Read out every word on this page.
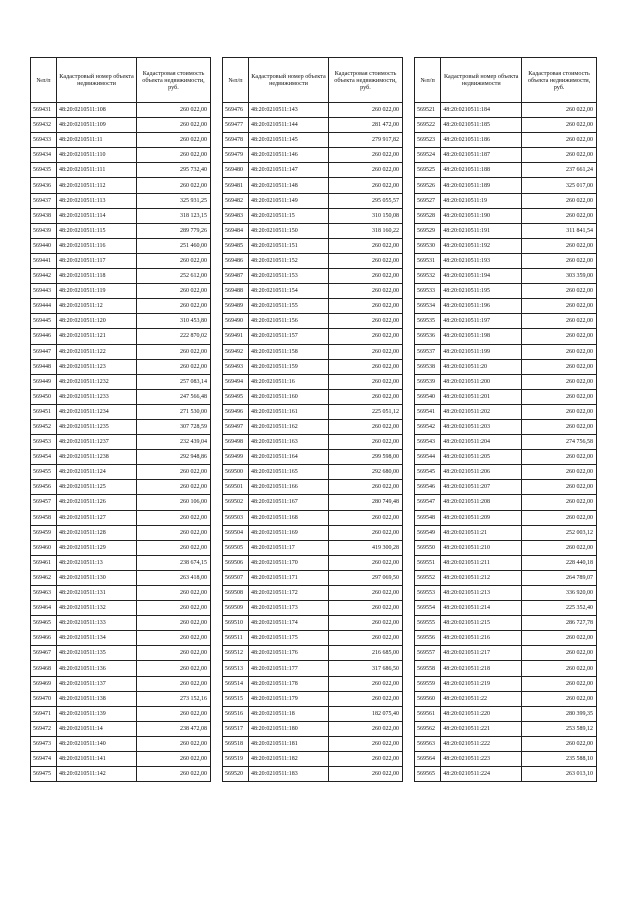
№п/п	Кадастровый номер объекта недвижимости	Кадастровая стоимость объекта недвижимости, руб.
569431	48:20:0210511:108	260 022,00
569432	48:20:0210511:109	260 022,00
569433	48:20:0210511:11	260 022,00
569434	48:20:0210511:110	260 022,00
569435	48:20:0210511:111	295 732,40
569436	48:20:0210511:112	260 022,00
569437	48:20:0210511:113	325 931,25
569438	48:20:0210511:114	318 123,15
569439	48:20:0210511:115	289 779,26
569440	48:20:0210511:116	251 460,00
569441	48:20:0210511:117	260 022,00
569442	48:20:0210511:118	252 612,00
569443	48:20:0210511:119	260 022,00
569444	48:20:0210511:12	260 022,00
569445	48:20:0210511:120	310 453,80
569446	48:20:0210511:121	222 870,02
569447	48:20:0210511:122	260 022,00
569448	48:20:0210511:123	260 022,00
569449	48:20:0210511:1232	257 083,14
569450	48:20:0210511:1233	247 566,48
569451	48:20:0210511:1234	271 530,00
569452	48:20:0210511:1235	307 728,59
569453	48:20:0210511:1237	232 439,04
569454	48:20:0210511:1238	292 948,86
569455	48:20:0210511:124	260 022,00
569456	48:20:0210511:125	260 022,00
569457	48:20:0210511:126	260 106,00
569458	48:20:0210511:127	260 022,00
569459	48:20:0210511:128	260 022,00
569460	48:20:0210511:129	260 022,00
569461	48:20:0210511:13	238 674,15
569462	48:20:0210511:130	263 418,00
569463	48:20:0210511:131	260 022,00
569464	48:20:0210511:132	260 022,00
569465	48:20:0210511:133	260 022,00
569466	48:20:0210511:134	260 022,00
569467	48:20:0210511:135	260 022,00
569468	48:20:0210511:136	260 022,00
569469	48:20:0210511:137	260 022,00
569470	48:20:0210511:138	273 152,16
569471	48:20:0210511:139	260 022,00
569472	48:20:0210511:14	238 472,08
569473	48:20:0210511:140	260 022,00
569474	48:20:0210511:141	260 022,00
569475	48:20:0210511:142	260 022,00
№п/п	Кадастровый номер объекта недвижимости	Кадастровая стоимость объекта недвижимости, руб.
569476	48:20:0210511:143	260 022,00
569477	48:20:0210511:144	281 472,00
569478	48:20:0210511:145	279 917,82
569479	48:20:0210511:146	260 022,00
569480	48:20:0210511:147	260 022,00
569481	48:20:0210511:148	260 022,00
569482	48:20:0210511:149	295 055,57
569483	48:20:0210511:15	310 150,08
569484	48:20:0210511:150	318 160,22
569485	48:20:0210511:151	260 022,00
569486	48:20:0210511:152	260 022,00
569487	48:20:0210511:153	260 022,00
569488	48:20:0210511:154	260 022,00
569489	48:20:0210511:155	260 022,00
569490	48:20:0210511:156	260 022,00
569491	48:20:0210511:157	260 022,00
569492	48:20:0210511:158	260 022,00
569493	48:20:0210511:159	260 022,00
569494	48:20:0210511:16	260 022,00
569495	48:20:0210511:160	260 022,00
569496	48:20:0210511:161	225 051,12
569497	48:20:0210511:162	260 022,00
569498	48:20:0210511:163	260 022,00
569499	48:20:0210511:164	299 598,00
569500	48:20:0210511:165	292 680,00
569501	48:20:0210511:166	260 022,00
569502	48:20:0210511:167	280 749,48
569503	48:20:0210511:168	260 022,00
569504	48:20:0210511:169	260 022,00
569505	48:20:0210511:17	419 300,28
569506	48:20:0210511:170	260 022,00
569507	48:20:0210511:171	297 069,50
569508	48:20:0210511:172	260 022,00
569509	48:20:0210511:173	260 022,00
569510	48:20:0210511:174	260 022,00
569511	48:20:0210511:175	260 022,00
569512	48:20:0210511:176	216 685,00
569513	48:20:0210511:177	317 686,50
569514	48:20:0210511:178	260 022,00
569515	48:20:0210511:179	260 022,00
569516	48:20:0210511:18	182 075,40
569517	48:20:0210511:180	260 022,00
569518	48:20:0210511:181	260 022,00
569519	48:20:0210511:182	260 022,00
569520	48:20:0210511:183	260 022,00
№п/п	Кадастровый номер объекта недвижимости	Кадастровая стоимость объекта недвижимости, руб.
569521	48:20:0210511:184	260 022,00
569522	48:20:0210511:185	260 022,00
569523	48:20:0210511:186	260 022,00
569524	48:20:0210511:187	260 022,00
569525	48:20:0210511:188	237 661,24
569526	48:20:0210511:189	325 017,00
569527	48:20:0210511:19	260 022,00
569528	48:20:0210511:190	260 022,00
569529	48:20:0210511:191	311 841,54
569530	48:20:0210511:192	260 022,00
569531	48:20:0210511:193	260 022,00
569532	48:20:0210511:194	303 359,00
569533	48:20:0210511:195	260 022,00
569534	48:20:0210511:196	260 022,00
569535	48:20:0210511:197	260 022,00
569536	48:20:0210511:198	260 022,00
569537	48:20:0210511:199	260 022,00
569538	48:20:0210511:20	260 022,00
569539	48:20:0210511:200	260 022,00
569540	48:20:0210511:201	260 022,00
569541	48:20:0210511:202	260 022,00
569542	48:20:0210511:203	260 022,00
569543	48:20:0210511:204	274 756,58
569544	48:20:0210511:205	260 022,00
569545	48:20:0210511:206	260 022,00
569546	48:20:0210511:207	260 022,00
569547	48:20:0210511:208	260 022,00
569548	48:20:0210511:209	260 022,00
569549	48:20:0210511:21	252 003,12
569550	48:20:0210511:210	260 022,00
569551	48:20:0210511:211	228 440,18
569552	48:20:0210511:212	264 789,07
569553	48:20:0210511:213	336 920,00
569554	48:20:0210511:214	225 352,40
569555	48:20:0210511:215	286 727,78
569556	48:20:0210511:216	260 022,00
569557	48:20:0210511:217	260 022,00
569558	48:20:0210511:218	260 022,00
569559	48:20:0210511:219	260 022,00
569560	48:20:0210511:22	260 022,00
569561	48:20:0210511:220	280 399,35
569562	48:20:0210511:221	253 589,12
569563	48:20:0210511:222	260 022,00
569564	48:20:0210511:223	235 588,10
569565	48:20:0210511:224	263 013,10
